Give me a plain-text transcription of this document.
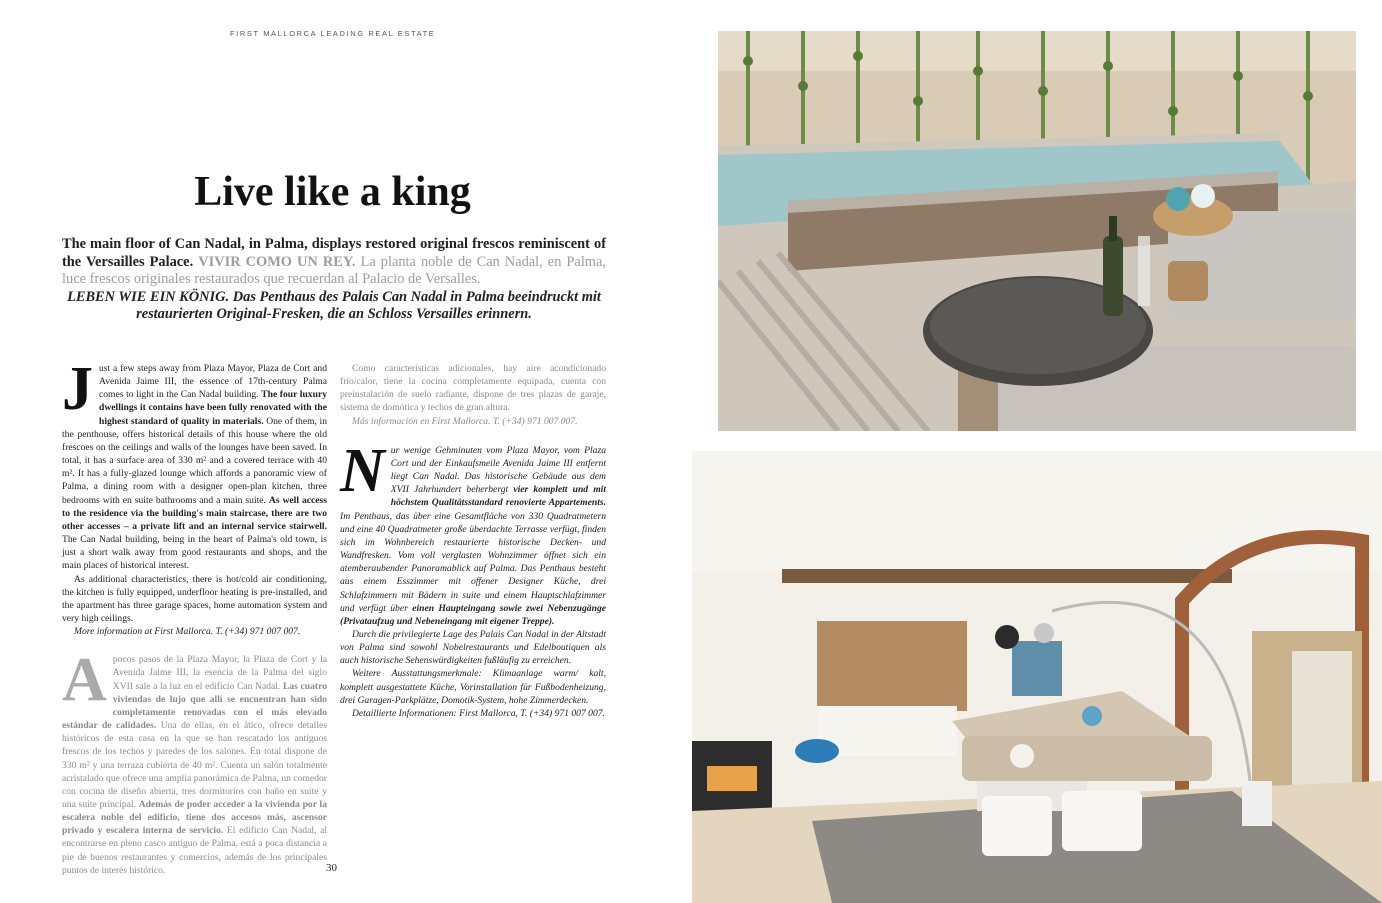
FIRST MALLORCA LEADING REAL ESTATE
Live like a king

The main floor of Can Nadal, in Palma, displays restored original frescos reminiscent of the Versailles Palace. VIVIR COMO UN REY. La planta noble de Can Nadal, en Palma, luce frescos originales restaurados que recuerdan al Palacio de Versalles.

LEBEN WIE EIN KÖNIG. Das Penthaus des Palais Can Nadal in Palma beeindruckt mit restaurierten Original-Fresken, die an Schloss Versailles erinnern.

Just a few steps away from Plaza Mayor, Plaza de Cort and Avenida Jaime III, the essence of 17th-century Palma comes to light in the Can Nadal building. The four luxury dwellings it contains have been fully renovated with the highest standard of quality in materials. One of them, in the penthouse, offers historical details of this house where the old frescoes on the ceilings and walls of the lounges have been saved. In total, it has a surface area of 330 m² and a covered terrace with 40 m². It has a fully-glazed lounge which affords a panoramic view of Palma, a dining room with a designer open-plan kitchen, three bedrooms with en suite bathrooms and a main suite. As well access to the residence via the building's main staircase, there are two other accesses – a private lift and an internal service stairwell. The Can Nadal building, being in the heart of Palma's old town, is just a short walk away from good restaurants and shops, and the main places of historical interest.

As additional characteristics, there is hot/cold air conditioning, the kitchen is fully equipped, underfloor heating is pre-installed, and the apartment has three garage spaces, home automation system and very high ceilings.

More information at First Mallorca. T. (+34) 971 007 007.

Apocos pasos de la Plaza Mayor, la Plaza de Cort y la Avenida Jaime III, la esencia de la Palma del siglo XVII sale a la luz en el edificio Can Nadal. Las cuatro viviendas de lujo que allí se encuentran han sido completamente renovadas con el más elevado estándar de calidades. Una de ellas, en el ático, ofrece detalles históricos de esta casa en la que se han rescatado los antiguos frescos de los techos y paredes de los salones. En total dispone de 330 m² y una terraza cubierta de 40 m². Cuenta un salón totalmente acristalado que ofrece una amplia panorámica de Palma, un comedor con cocina de diseño abierta, tres dormitorios con baño en suite y una suite principal. Además de poder acceder a la vivienda por la escalera noble del edificio, tiene dos accesos más, ascensor privado y escalera interna de servicio. El edificio Can Nadal, al encontrarse en pleno casco antiguo de Palma, está a poca distancia a pie de buenos restaurantes y comercios, además de los principales puntos de interés histórico.

Como características adicionales, hay aire acondicionado frío/calor, tiene la cocina completamente equipada, cuenta con preinstalación de suelo radiante, dispone de tres plazas de garaje, sistema de domótica y techos de gran altura.

Más información en First Mallorca. T. (+34) 971 007 007.

Nur wenige Gehminuten vom Plaza Mayor, vom Plaza Cort und der Einkaufsmeile Avenida Jaime III entfernt liegt Can Nadal. Das historische Gebäude aus dem XVII Jahrhundert beherbergt vier komplett und mit höchstem Qualitätsstandard renovierte Appartements. Im Penthaus, das über eine Gesamtfläche von 330 Quadratmetern und eine 40 Quadratmeter große überdachte Terrasse verfügt, finden sich im Wohnbereich restaurierte historische Decken- und Wandfresken. Vom voll verglasten Wohnzimmer öffnet sich ein atemberaubender Panoramablick auf Palma. Das Penthaus besteht aus einem Esszimmer mit offener Designer Küche, drei Schlafzimmern mit Bädern in suite und einem Hauptschlafzimmer und verfügt über einen Haupteingang sowie zwei Nebenzugänge (Privataufzug und Nebeneingang mit eigener Treppe).

Durch die privilegierte Lage des Palais Can Nadal in der Altstadt von Palma sind sowohl Nobelrestaurants und Edelboutiquen als auch historische Sehenswürdigkeiten fußläufig zu erreichen.

Weitere Ausstattungsmerkmale: Klimaanlage warm/ kalt, komplett ausgestattete Küche, Vorinstallation für Fußbodenheizung, drei Garagen-Parkplätze, Domotik-System, hohe Zimmerdecken.

Detaillierte Informationen: First Mallorca, T. (+34) 971 007 007.

30
